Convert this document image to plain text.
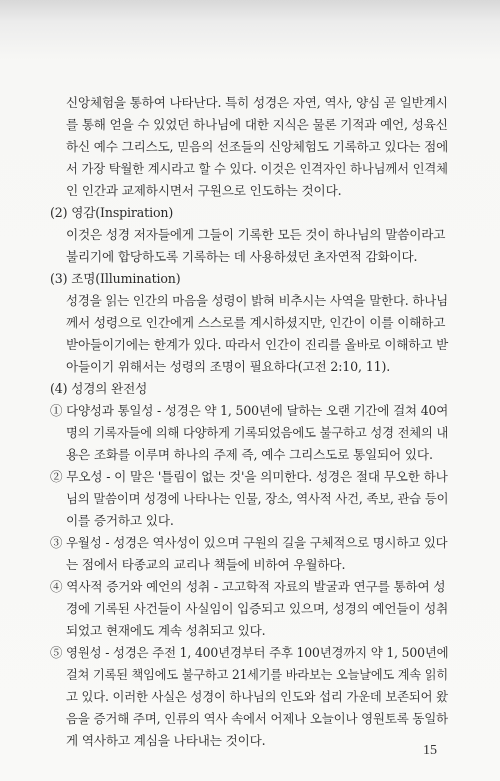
신앙체험을 통하여 나타난다. 특히 성경은 자연, 역사, 양심 곧 일반계시
를 통해 얻을 수 있었던 하나님에 대한 지식은 물론 기적과 예언, 성육신
하신 예수 그리스도, 믿음의 선조들의 신앙체험도 기록하고 있다는 점에
서 가장 탁월한 계시라고 할 수 있다. 이것은 인격자인 하나님께서 인격체
인 인간과 교제하시면서 구원으로 인도하는 것이다.
(2) 영감(Inspiration)
이것은 성경 저자들에게 그들이 기록한 모든 것이 하나님의 말씀이라고
불리기에 합당하도록 기록하는 데 사용하셨던 초자연적 감화이다.
(3) 조명(Illumination)
성경을 읽는 인간의 마음을 성령이 밝혀 비추시는 사역을 말한다. 하나님
께서 성령으로 인간에게 스스로를 계시하셨지만, 인간이 이를 이해하고
받아들이기에는 한계가 있다. 따라서 인간이 진리를 올바로 이해하고 받
아들이기 위해서는 성령의 조명이 필요하다(고전 2:10, 11).
(4) 성경의 완전성
① 다양성과 통일성 - 성경은 약 1, 500년에 달하는 오랜 기간에 걸쳐 40여
명의 기록자들에 의해 다양하게 기록되었음에도 불구하고 성경 전체의 내
용은 조화를 이루며 하나의 주제 즉, 예수 그리스도로 통일되어 있다.
② 무오성 - 이 말은 '틀림이 없는 것'을 의미한다. 성경은 절대 무오한 하나
님의 말씀이며 성경에 나타나는 인물, 장소, 역사적 사건, 족보, 관습 등이
이를 증거하고 있다.
③ 우월성 - 성경은 역사성이 있으며 구원의 길을 구체적으로 명시하고 있다
는 점에서 타종교의 교리나 책들에 비하여 우월하다.
④ 역사적 증거와 예언의 성취 - 고고학적 자료의 발굴과 연구를 통하여 성
경에 기록된 사건들이 사실임이 입증되고 있으며, 성경의 예언들이 성취
되었고 현재에도 계속 성취되고 있다.
⑤ 영원성 - 성경은 주전 1, 400년경부터 주후 100년경까지 약 1, 500년에
걸쳐 기록된 책임에도 불구하고 21세기를 바라보는 오늘날에도 계속 읽히
고 있다. 이러한 사실은 성경이 하나님의 인도와 섭리 가운데 보존되어 왔
음을 증거해 주며, 인류의 역사 속에서 어제나 오늘이나 영원토록 동일하
게 역사하고 계심을 나타내는 것이다.
15
